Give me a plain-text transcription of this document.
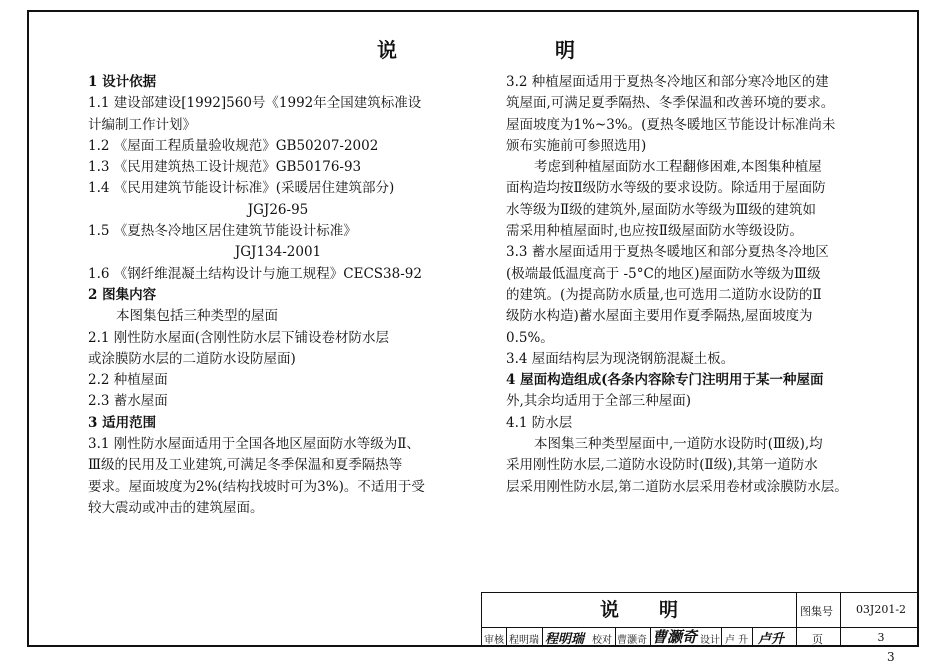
说	明

1 设计依据

1.1 建设部建设[1992]560号《1992年全国建筑标准设

计编制工作计划》

1.2 《屋面工程质量验收规范》GB50207-2002

1.3 《民用建筑热工设计规范》GB50176-93

1.4 《民用建筑节能设计标准》(采暖居住建筑部分)

JGJ26-95

1.5 《夏热冬冷地区居住建筑节能设计标准》

JGJ134-2001

1.6 《钢纤维混凝土结构设计与施工规程》CECS38-92

2 图集内容

本图集包括三种类型的屋面

2.1 刚性防水屋面(含刚性防水层下铺设卷材防水层

或涂膜防水层的二道防水设防屋面)

2.2 种植屋面

2.3 蓄水屋面

3 适用范围

3.1 刚性防水屋面适用于全国各地区屋面防水等级为Ⅱ、

Ⅲ级的民用及工业建筑,可满足冬季保温和夏季隔热等

要求。屋面坡度为2%(结构找坡时可为3%)。不适用于受

较大震动或冲击的建筑屋面。

3.2 种植屋面适用于夏热冬冷地区和部分寒冷地区的建

筑屋面,可满足夏季隔热、冬季保温和改善环境的要求。

屋面坡度为1%~3%。(夏热冬暖地区节能设计标准尚未

颁布实施前可参照选用)

考虑到种植屋面防水工程翻修困难,本图集种植屋

面构造均按Ⅱ级防水等级的要求设防。除适用于屋面防

水等级为Ⅱ级的建筑外,屋面防水等级为Ⅲ级的建筑如

需采用种植屋面时,也应按Ⅱ级屋面防水等级设防。

3.3 蓄水屋面适用于夏热冬暖地区和部分夏热冬冷地区

(极端最低温度高于 -5°C的地区)屋面防水等级为Ⅲ级

的建筑。(为提高防水质量,也可选用二道防水设防的Ⅱ

级防水构造)蓄水屋面主要用作夏季隔热,屋面坡度为

0.5%。

3.4 屋面结构层为现浇钢筋混凝土板。

4 屋面构造组成(各条内容除专门注明用于某一种屋面

外,其余均适用于全部三种屋面)

4.1 防水层

本图集三种类型屋面中,一道防水设防时(Ⅲ级),均

采用刚性防水层,二道防水设防时(Ⅱ级),其第一道防水

层采用刚性防水层,第二道防水层采用卷材或涂膜防水层。

说明	图集号	03J201-2
页	3
审核 程明瑞 程明瑞 校对 曹灏奇 曹灏奇 设计 卢 升 卢升
3
